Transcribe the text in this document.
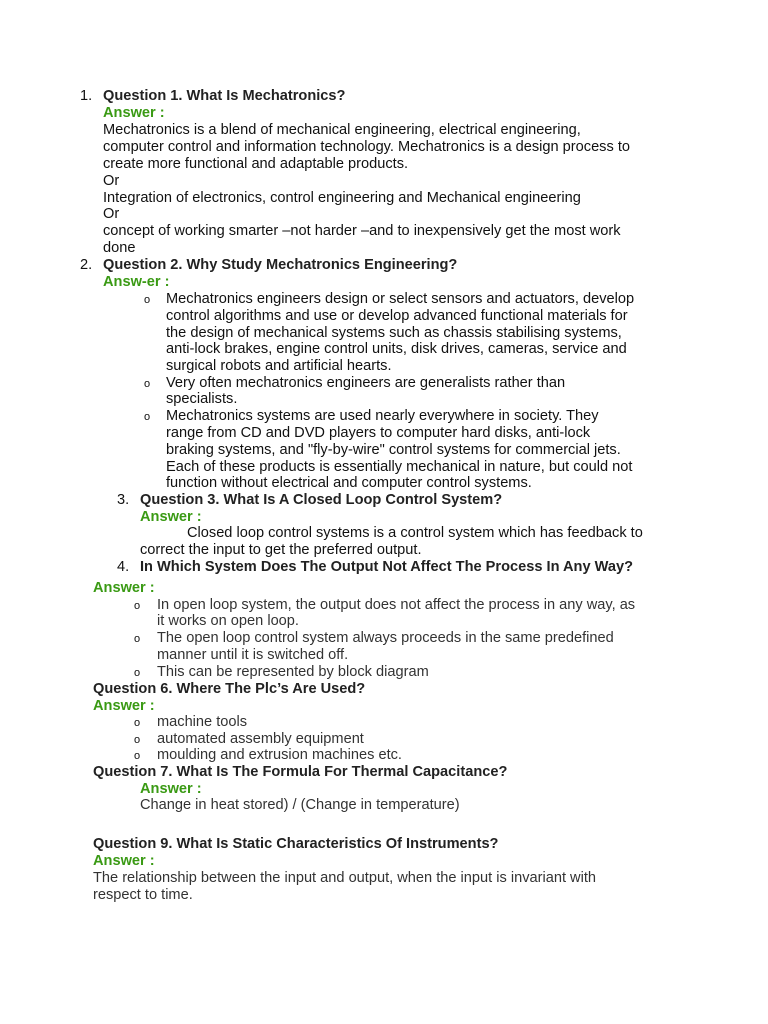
1. Question 1. What Is Mechatronics?
Answer :
Mechatronics is a blend of mechanical engineering, electrical engineering,
computer control and information technology. Mechatronics is a design process to
create more functional and adaptable products.
Or
Integration of electronics, control engineering and Mechanical engineering
Or
concept of working smarter –not harder –and to inexpensively get the most work
done
2. Question 2. Why Study Mechatronics Engineering?
Answ-er :
o Mechatronics engineers design or select sensors and actuators, develop
control algorithms and use or develop advanced functional materials for
the design of mechanical systems such as chassis stabilising systems,
anti-lock brakes, engine control units, disk drives, cameras, service and
surgical robots and artificial hearts.
o Very often mechatronics engineers are generalists rather than
specialists.
o Mechatronics systems are used nearly everywhere in society. They
range from CD and DVD players to computer hard disks, anti-lock
braking systems, and "fly-by-wire" control systems for commercial jets.
Each of these products is essentially mechanical in nature, but could not
function without electrical and computer control systems.
3. Question 3. What Is A Closed Loop Control System?
Answer :
Closed loop control systems is a control system which has feedback to
correct the input to get the preferred output.
4. In Which System Does The Output Not Affect The Process In Any Way?
Answer :
o In open loop system, the output does not affect the process in any way, as
it works on open loop.
o The open loop control system always proceeds in the same predefined
manner until it is switched off.
o This can be represented by block diagram
Question 6. Where The Plc’s Are Used?
Answer :
o machine tools
o automated assembly equipment
o moulding and extrusion machines etc.
Question 7. What Is The Formula For Thermal Capacitance?
Answer :
Change in heat stored) / (Change in temperature)
Question 9. What Is Static Characteristics Of Instruments?
Answer :
The relationship between the input and output, when the input is invariant with
respect to time.
